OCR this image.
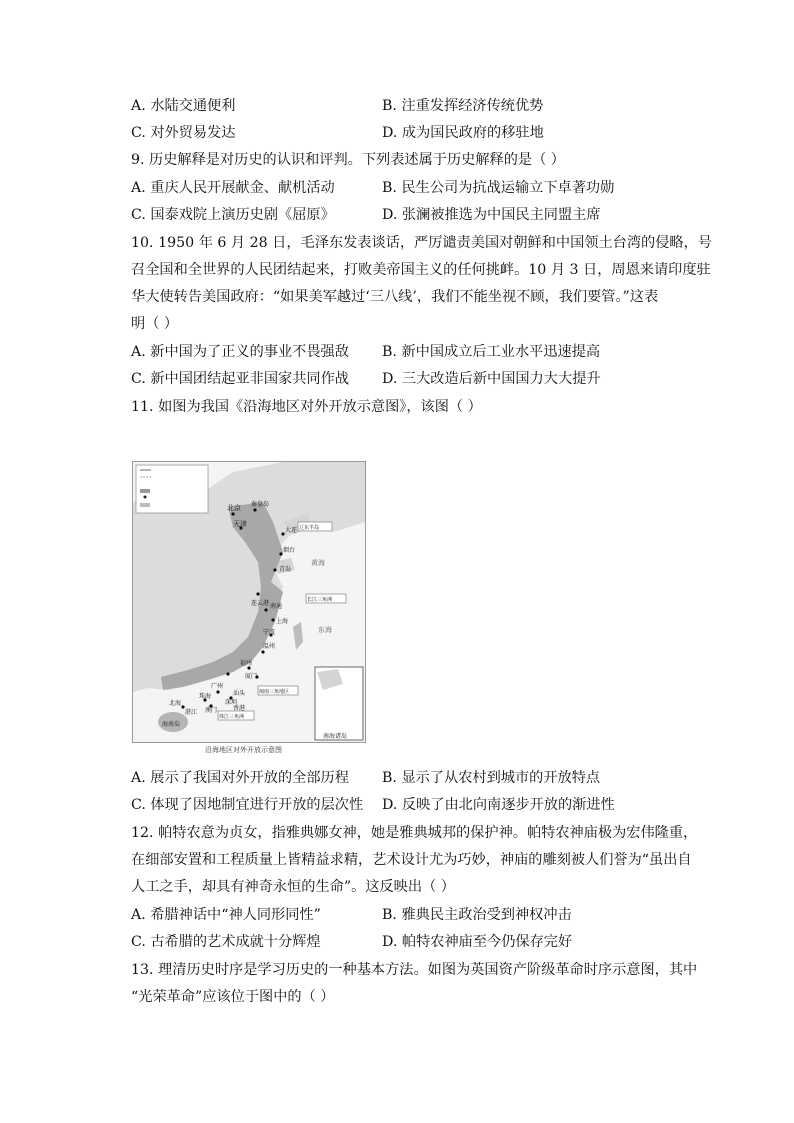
A. 水陆交通便利	B. 注重发挥经济传统优势
C. 对外贸易发达	D. 成为国民政府的移驻地
9. 历史解释是对历史的认识和评判。下列表述属于历史解释的是（ ）
A. 重庆人民开展献金、献机活动	B. 民生公司为抗战运输立下卓著功勋
C. 国泰戏院上演历史剧《屈原》	D. 张澜被推选为中国民主同盟主席
10. 1950 年 6 月 28 日，毛泽东发表谈话，严厉谴责美国对朝鲜和中国领土台湾的侵略，号
召全国和全世界的人民团结起来，打败美帝国主义的任何挑衅。10 月 3 日，周恩来请印度驻
华大使转告美国政府：“如果美军越过‘三八线’，我们不能坐视不顾，我们要管。”这表
明（ ）
A. 新中国为了正义的事业不畏强敌 B. 新中国成立后工业水平迅速提高
C. 新中国团结起亚非国家共同作战 D. 三大改造后新中国国力大大提升
11. 如图为我国《沿海地区对外开放示意图》，该图（ ）
北京 秦皇岛
天津
大连 辽东半岛
烟台
青岛
黄海
连云港 南通
长江三角洲
上海
宁波	东海
温州
福州
厦门
闽南三角地区
广州
汕头
深圳
珠海
澳门	香港
珠江三角洲
北海
湛江
海南岛
南海诸岛
沿海地区对外开放示意图
A. 展示了我国对外开放的全部历程 B. 显示了从农村到城市的开放特点
C. 体现了因地制宜进行开放的层次性 D. 反映了由北向南逐步开放的渐进性
12. 帕特农意为贞女，指雅典娜女神，她是雅典城邦的保护神。帕特农神庙极为宏伟隆重，
在细部安置和工程质量上皆精益求精，艺术设计尤为巧妙，神庙的雕刻被人们誉为“虽出自
人工之手，却具有神奇永恒的生命”。这反映出（ ）
A. 希腊神话中“神人同形同性”	B. 雅典民主政治受到神权冲击
C. 古希腊的艺术成就十分辉煌	D. 帕特农神庙至今仍保存完好
13. 理清历史时序是学习历史的一种基本方法。如图为英国资产阶级革命时序示意图，其中
“光荣革命”应该位于图中的（ ）
